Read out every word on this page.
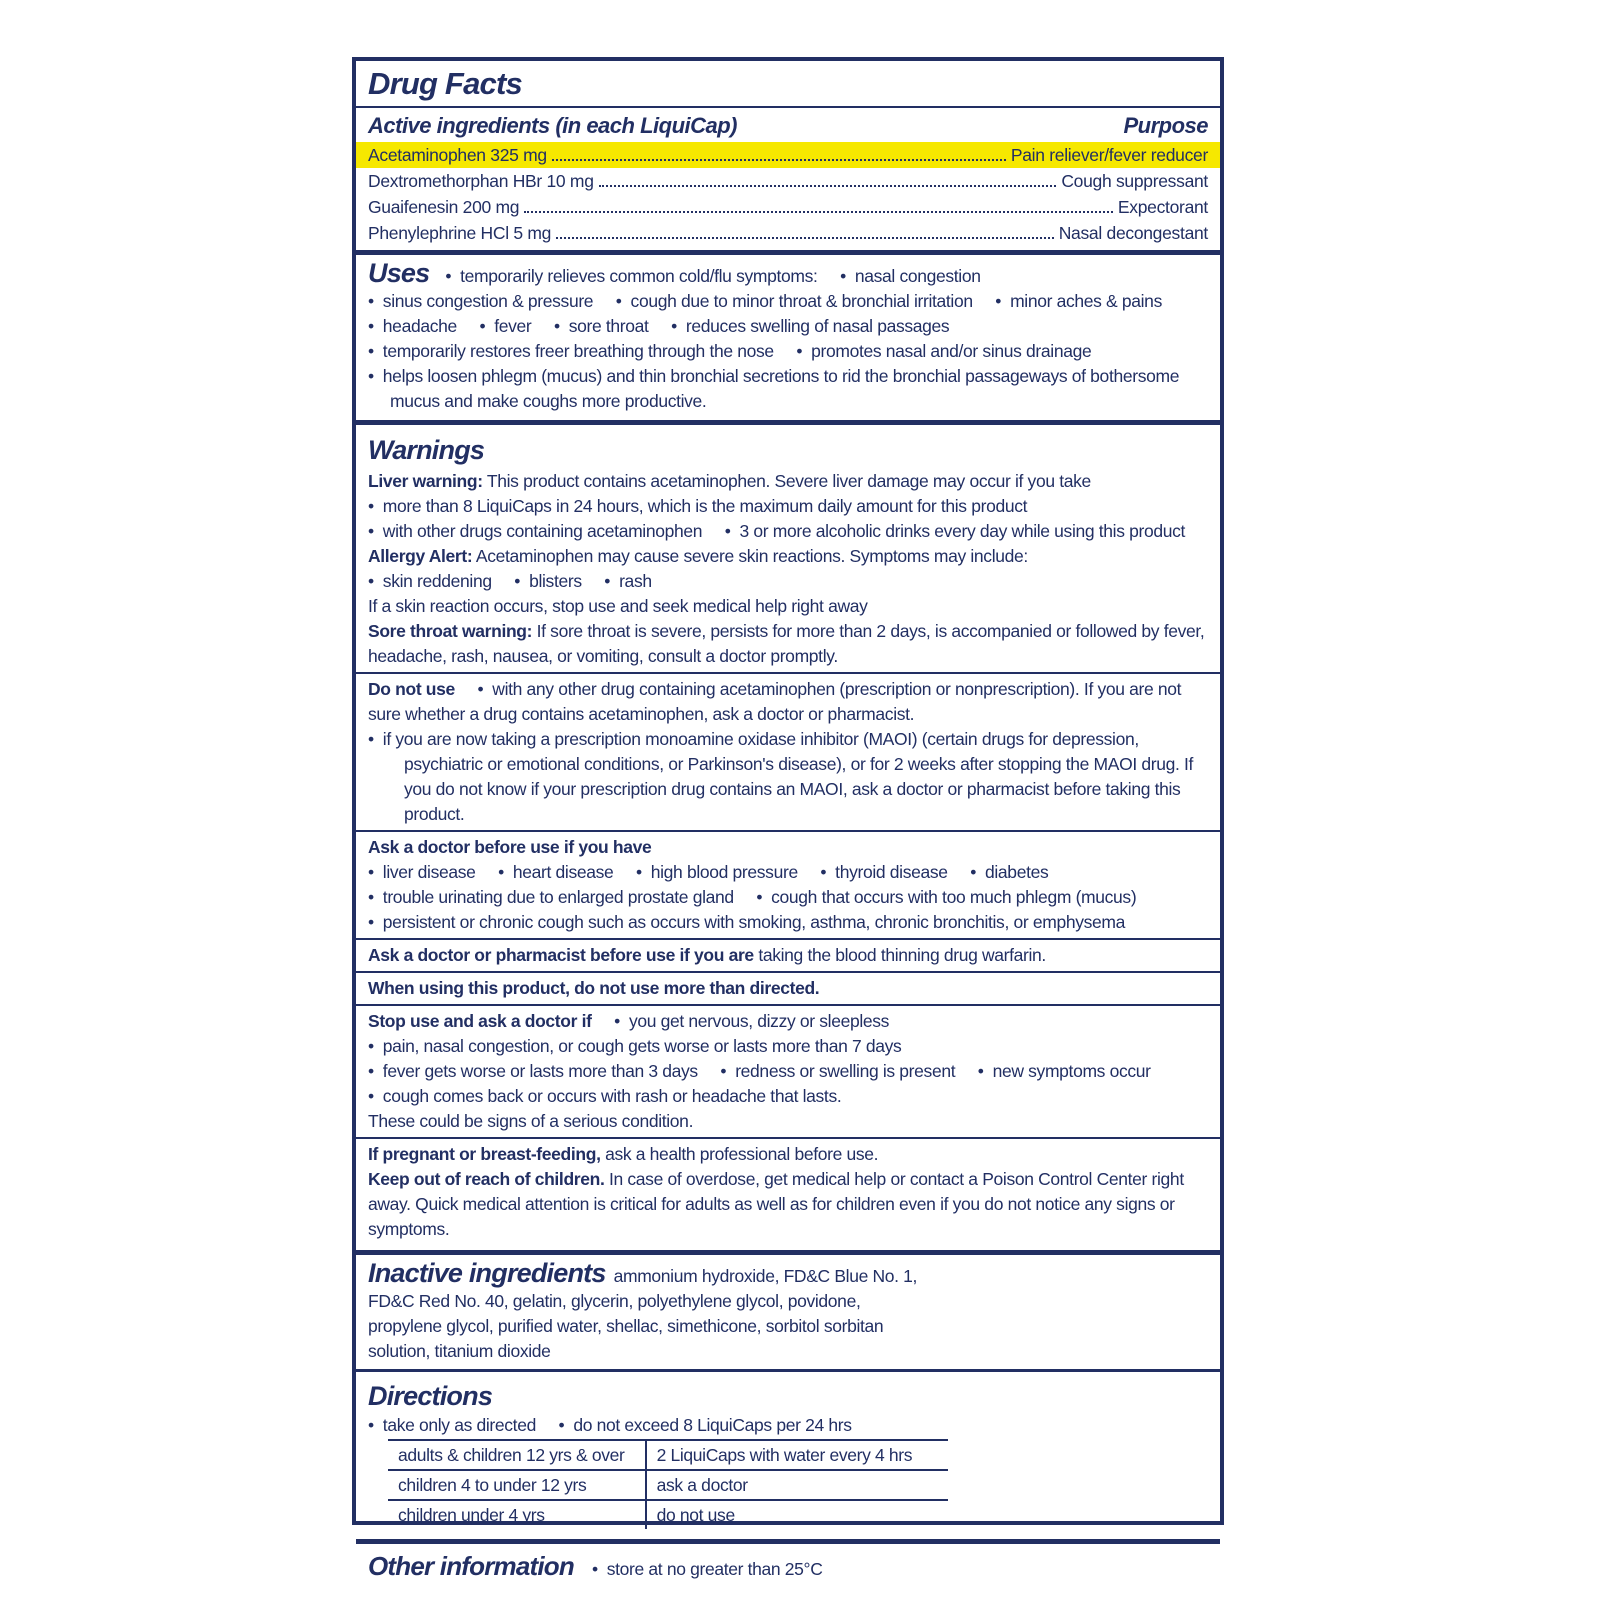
Drug Facts
Active ingredients (in each LiquiCap)	Purpose
Acetaminophen 325 mg	Pain reliever/fever reducer
Dextromethorphan HBr 10 mg	Cough suppressant
Guaifenesin 200 mg	Expectorant
Phenylephrine HCl 5 mg	Nasal decongestant
Uses •  temporarily relieves common cold/flu symptoms:     •  nasal congestion
•  sinus congestion & pressure     •  cough due to minor throat & bronchial irritation     •  minor aches & pains
•  headache     •  fever     •  sore throat     •  reduces swelling of nasal passages
•  temporarily restores freer breathing through the nose     •  promotes nasal and/or sinus drainage
•  helps loosen phlegm (mucus) and thin bronchial secretions to rid the bronchial passageways of bothersome mucus and make coughs more productive.
Warnings
Liver warning: This product contains acetaminophen. Severe liver damage may occur if you take
•  more than 8 LiquiCaps in 24 hours, which is the maximum daily amount for this product
•  with other drugs containing acetaminophen     •  3 or more alcoholic drinks every day while using this product
Allergy Alert: Acetaminophen may cause severe skin reactions. Symptoms may include:
•  skin reddening     •  blisters     •  rash
If a skin reaction occurs, stop use and seek medical help right away
Sore throat warning: If sore throat is severe, persists for more than 2 days, is accompanied or followed by fever, headache, rash, nausea, or vomiting, consult a doctor promptly.
Do not use     •  with any other drug containing acetaminophen (prescription or nonprescription). If you are not sure whether a drug contains acetaminophen, ask a doctor or pharmacist.
•  if you are now taking a prescription monoamine oxidase inhibitor (MAOI) (certain drugs for depression, psychiatric or emotional conditions, or Parkinson's disease), or for 2 weeks after stopping the MAOI drug. If you do not know if your prescription drug contains an MAOI, ask a doctor or pharmacist before taking this product.
Ask a doctor before use if you have
•  liver disease     •  heart disease     •  high blood pressure     •  thyroid disease     •  diabetes
•  trouble urinating due to enlarged prostate gland     •  cough that occurs with too much phlegm (mucus)
•  persistent or chronic cough such as occurs with smoking, asthma, chronic bronchitis, or emphysema
Ask a doctor or pharmacist before use if you are taking the blood thinning drug warfarin.
When using this product, do not use more than directed.
Stop use and ask a doctor if     •  you get nervous, dizzy or sleepless
•  pain, nasal congestion, or cough gets worse or lasts more than 7 days
•  fever gets worse or lasts more than 3 days     •  redness or swelling is present     •  new symptoms occur
•  cough comes back or occurs with rash or headache that lasts.
These could be signs of a serious condition.
If pregnant or breast-feeding, ask a health professional before use.
Keep out of reach of children. In case of overdose, get medical help or contact a Poison Control Center right away. Quick medical attention is critical for adults as well as for children even if you do not notice any signs or symptoms.
Inactive ingredients ammonium hydroxide, FD&C Blue No. 1, FD&C Red No. 40, gelatin, glycerin, polyethylene glycol, povidone, propylene glycol, purified water, shellac, simethicone, sorbitol sorbitan solution, titanium dioxide
Directions
•  take only as directed     •  do not exceed 8 LiquiCaps per 24 hrs
adults & children 12 yrs & over	2 LiquiCaps with water every 4 hrs
children 4 to under 12 yrs	ask a doctor
children under 4 yrs	do not use
Other information •  store at no greater than 25°C
